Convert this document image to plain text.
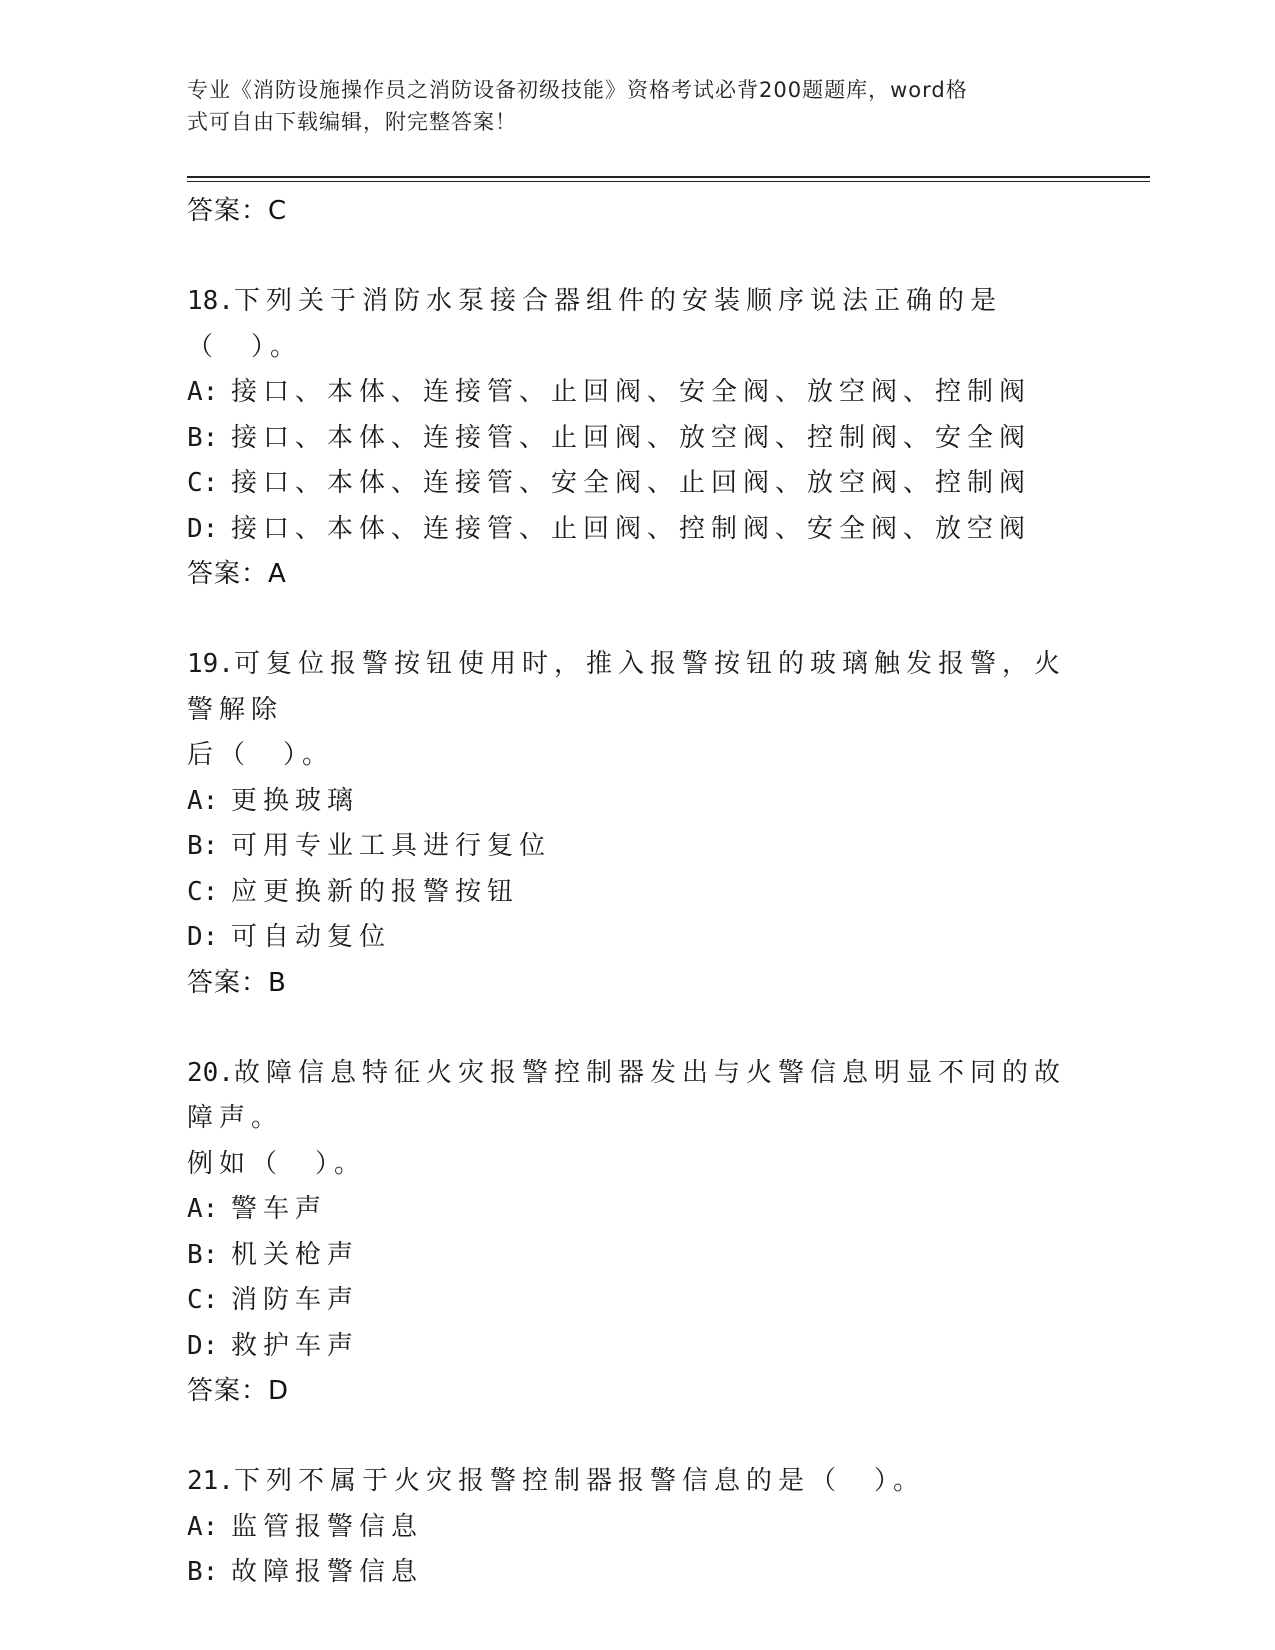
专业《消防设施操作员之消防设备初级技能》资格考试必背200题题库，word格
式可自由下载编辑，附完整答案！
答案：C
18.下列关于消防水泵接合器组件的安装顺序说法正确的是（　）。
A: 接口、本体、连接管、止回阀、安全阀、放空阀、控制阀
B: 接口、本体、连接管、止回阀、放空阀、控制阀、安全阀
C: 接口、本体、连接管、安全阀、止回阀、放空阀、控制阀
D: 接口、本体、连接管、止回阀、控制阀、安全阀、放空阀
答案：A
19.可复位报警按钮使用时，推入报警按钮的玻璃触发报警，火警解除
后（　）。
A: 更换玻璃
B: 可用专业工具进行复位
C: 应更换新的报警按钮
D: 可自动复位
答案：B
20.故障信息特征火灾报警控制器发出与火警信息明显不同的故障声。
例如（　）。
A: 警车声
B: 机关枪声
C: 消防车声
D: 救护车声
答案：D
21.下列不属于火灾报警控制器报警信息的是（　）。
A: 监管报警信息
B: 故障报警信息
